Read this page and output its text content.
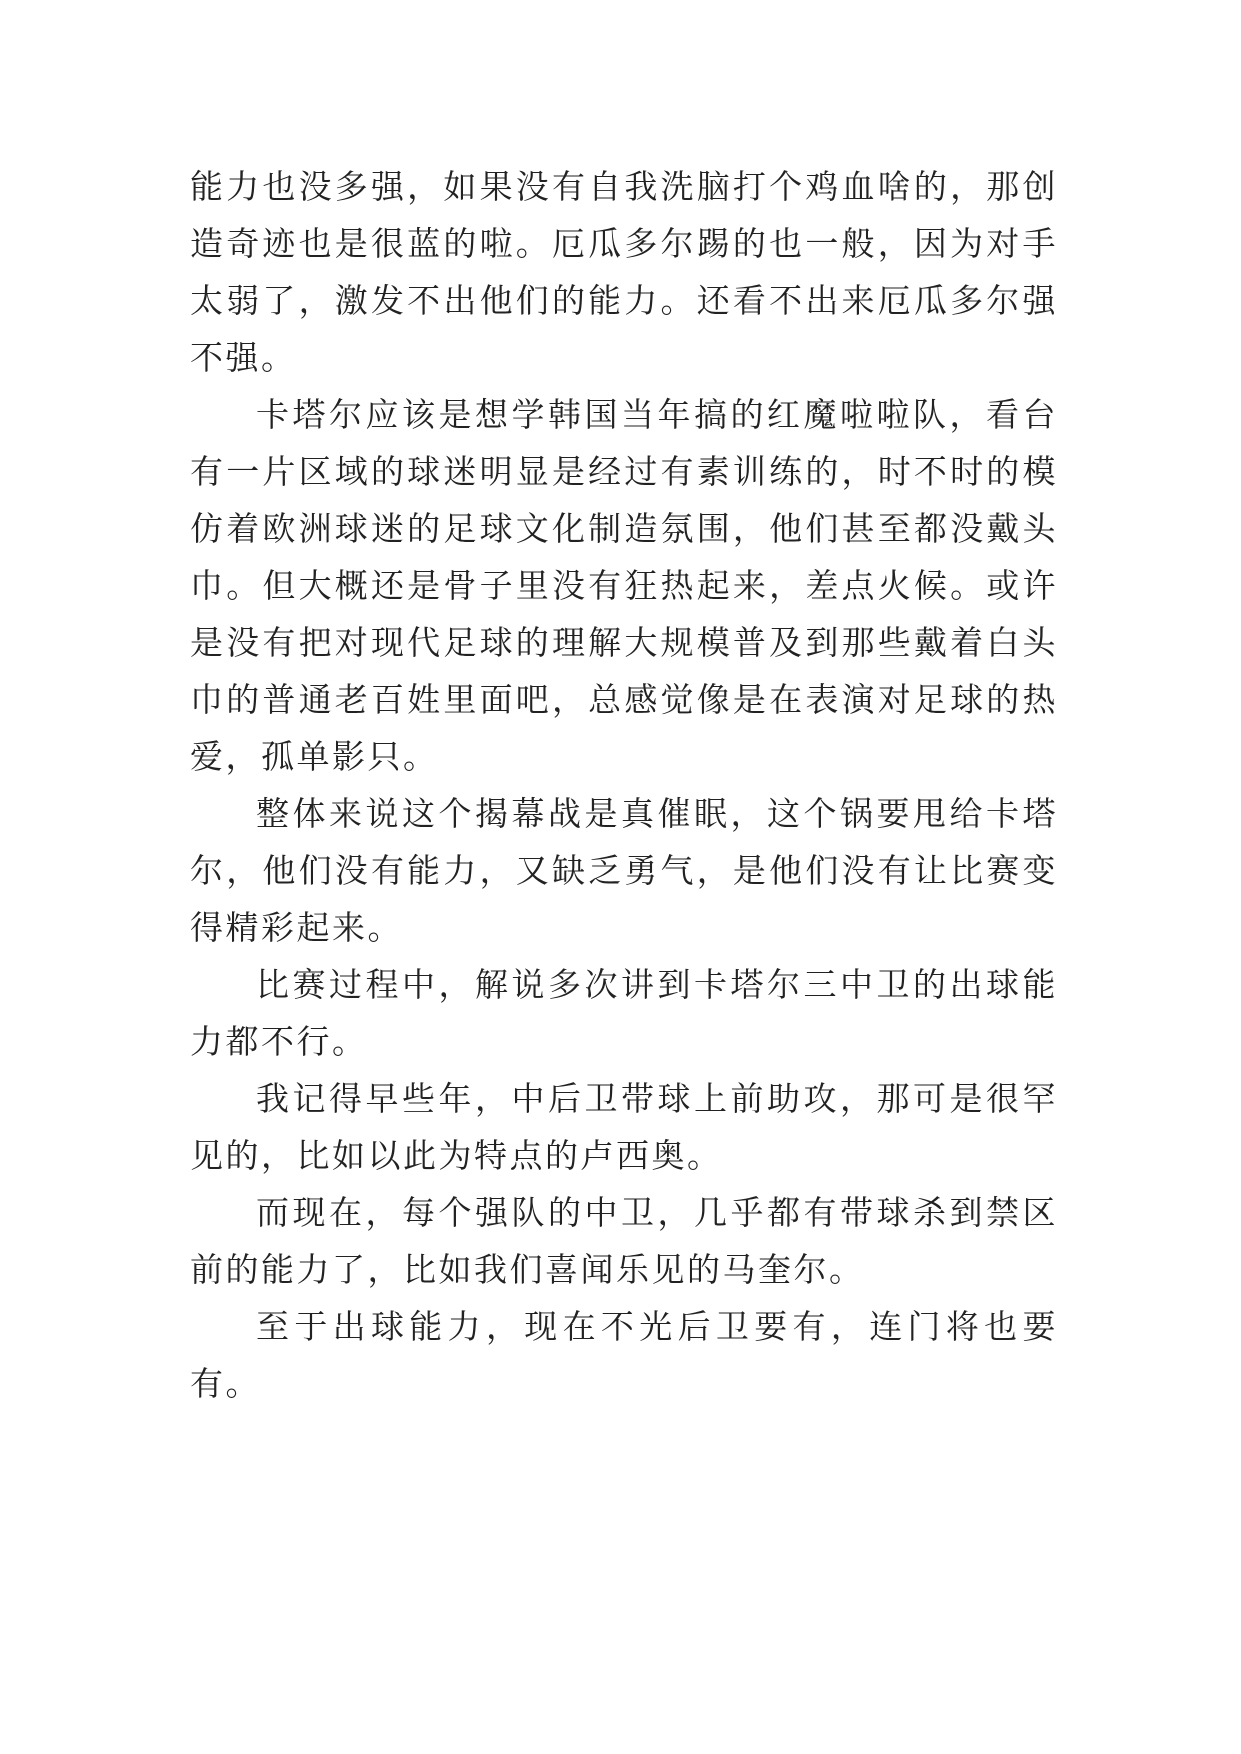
能力也没多强，如果没有自我洗脑打个鸡血啥的，那创造奇迹也是很蓝的啦。厄瓜多尔踢的也一般，因为对手太弱了，激发不出他们的能力。还看不出来厄瓜多尔强不强。

卡塔尔应该是想学韩国当年搞的红魔啦啦队，看台有一片区域的球迷明显是经过有素训练的，时不时的模仿着欧洲球迷的足球文化制造氛围，他们甚至都没戴头巾。但大概还是骨子里没有狂热起来，差点火候。或许是没有把对现代足球的理解大规模普及到那些戴着白头巾的普通老百姓里面吧，总感觉像是在表演对足球的热爱，孤单影只。

整体来说这个揭幕战是真催眠，这个锅要甩给卡塔尔，他们没有能力，又缺乏勇气，是他们没有让比赛变得精彩起来。

比赛过程中，解说多次讲到卡塔尔三中卫的出球能力都不行。

我记得早些年，中后卫带球上前助攻，那可是很罕见的，比如以此为特点的卢西奥。

而现在，每个强队的中卫，几乎都有带球杀到禁区前的能力了，比如我们喜闻乐见的马奎尔。

至于出球能力，现在不光后卫要有，连门将也要有。
